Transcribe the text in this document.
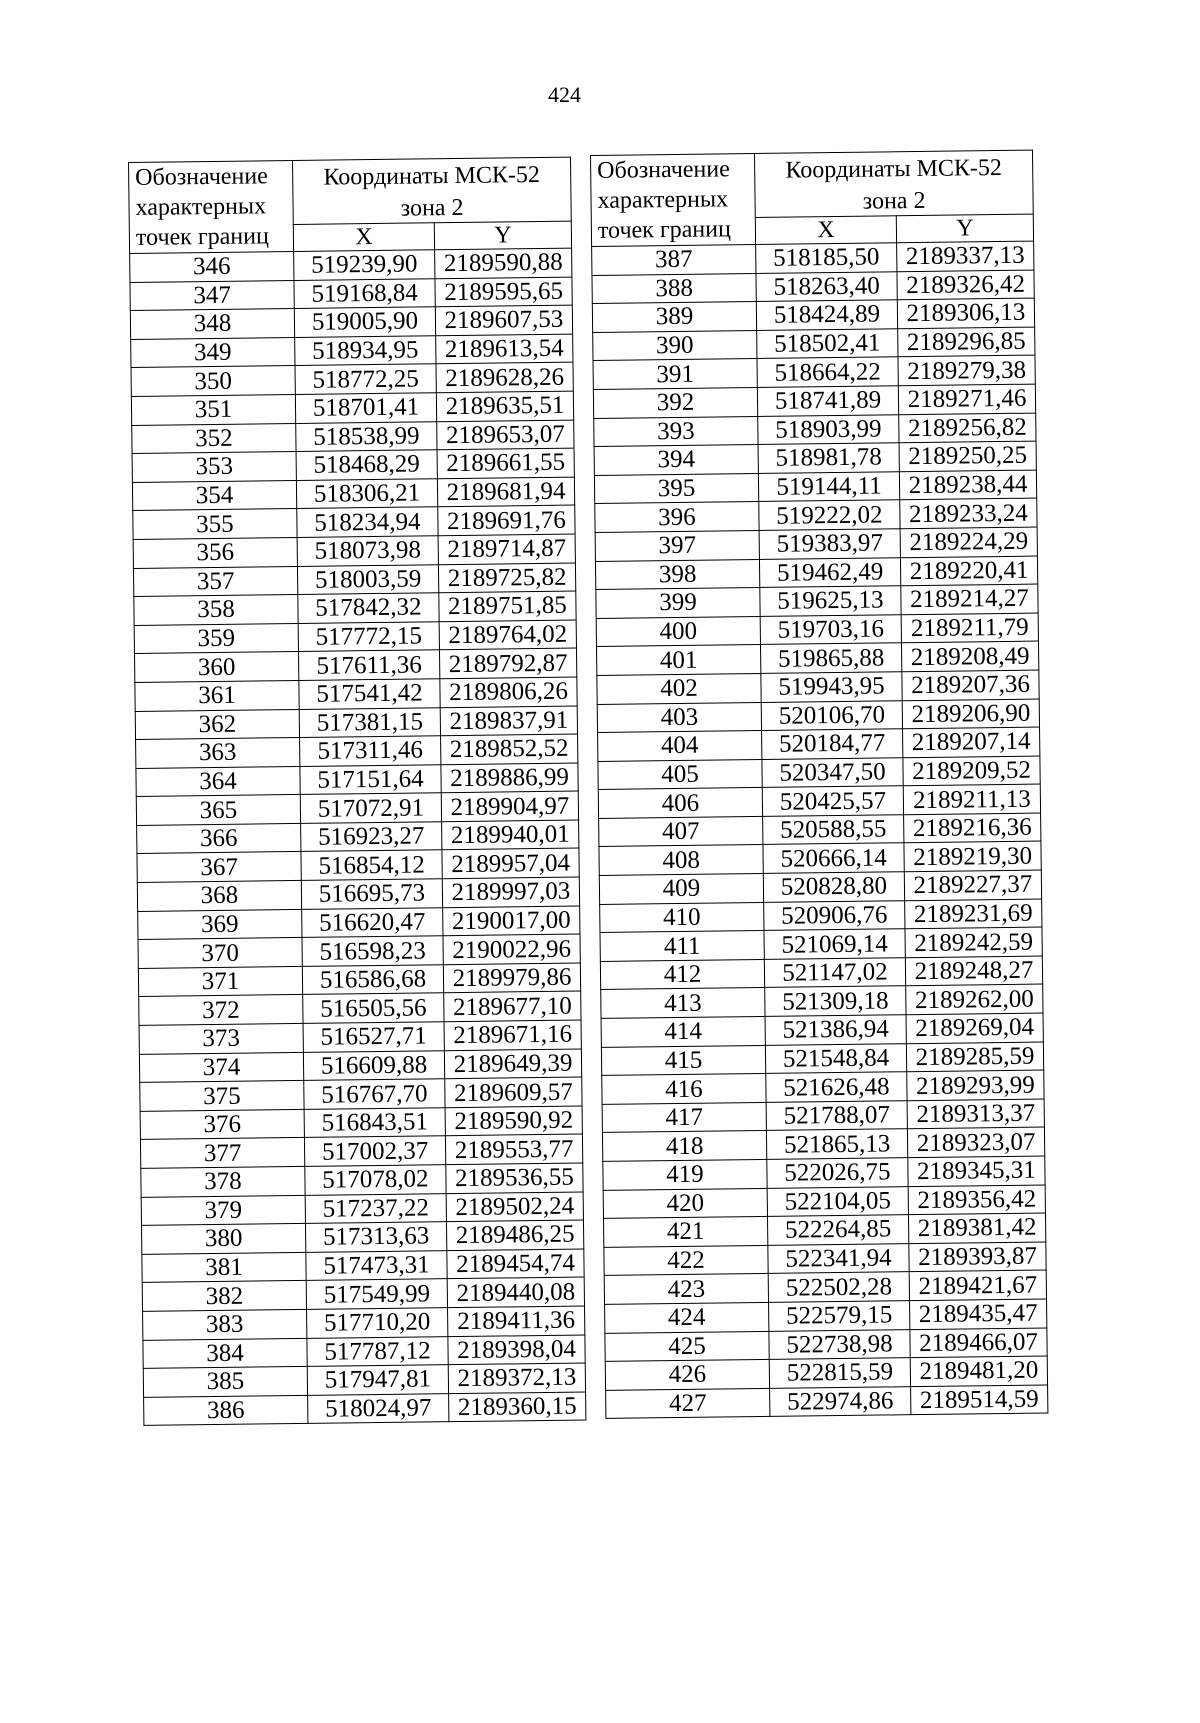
424
Обозначение характерных точек границ	Координаты МСК-52	
	зона 2	
	X	Y
346	519239,90	2189590,88
347	519168,84	2189595,65
348	519005,90	2189607,53
349	518934,95	2189613,54
350	518772,25	2189628,26
351	518701,41	2189635,51
352	518538,99	2189653,07
353	518468,29	2189661,55
354	518306,21	2189681,94
355	518234,94	2189691,76
356	518073,98	2189714,87
357	518003,59	2189725,82
358	517842,32	2189751,85
359	517772,15	2189764,02
360	517611,36	2189792,87
361	517541,42	2189806,26
362	517381,15	2189837,91
363	517311,46	2189852,52
364	517151,64	2189886,99
365	517072,91	2189904,97
366	516923,27	2189940,01
367	516854,12	2189957,04
368	516695,73	2189997,03
369	516620,47	2190017,00
370	516598,23	2190022,96
371	516586,68	2189979,86
372	516505,56	2189677,10
373	516527,71	2189671,16
374	516609,88	2189649,39
375	516767,70	2189609,57
376	516843,51	2189590,92
377	517002,37	2189553,77
378	517078,02	2189536,55
379	517237,22	2189502,24
380	517313,63	2189486,25
381	517473,31	2189454,74
382	517549,99	2189440,08
383	517710,20	2189411,36
384	517787,12	2189398,04
385	517947,81	2189372,13
386	518024,97	2189360,15
Обозначение характерных точек границ	Координаты МСК-52	
	зона 2	
	X	Y
387	518185,50	2189337,13
388	518263,40	2189326,42
389	518424,89	2189306,13
390	518502,41	2189296,85
391	518664,22	2189279,38
392	518741,89	2189271,46
393	518903,99	2189256,82
394	518981,78	2189250,25
395	519144,11	2189238,44
396	519222,02	2189233,24
397	519383,97	2189224,29
398	519462,49	2189220,41
399	519625,13	2189214,27
400	519703,16	2189211,79
401	519865,88	2189208,49
402	519943,95	2189207,36
403	520106,70	2189206,90
404	520184,77	2189207,14
405	520347,50	2189209,52
406	520425,57	2189211,13
407	520588,55	2189216,36
408	520666,14	2189219,30
409	520828,80	2189227,37
410	520906,76	2189231,69
411	521069,14	2189242,59
412	521147,02	2189248,27
413	521309,18	2189262,00
414	521386,94	2189269,04
415	521548,84	2189285,59
416	521626,48	2189293,99
417	521788,07	2189313,37
418	521865,13	2189323,07
419	522026,75	2189345,31
420	522104,05	2189356,42
421	522264,85	2189381,42
422	522341,94	2189393,87
423	522502,28	2189421,67
424	522579,15	2189435,47
425	522738,98	2189466,07
426	522815,59	2189481,20
427	522974,86	2189514,59
